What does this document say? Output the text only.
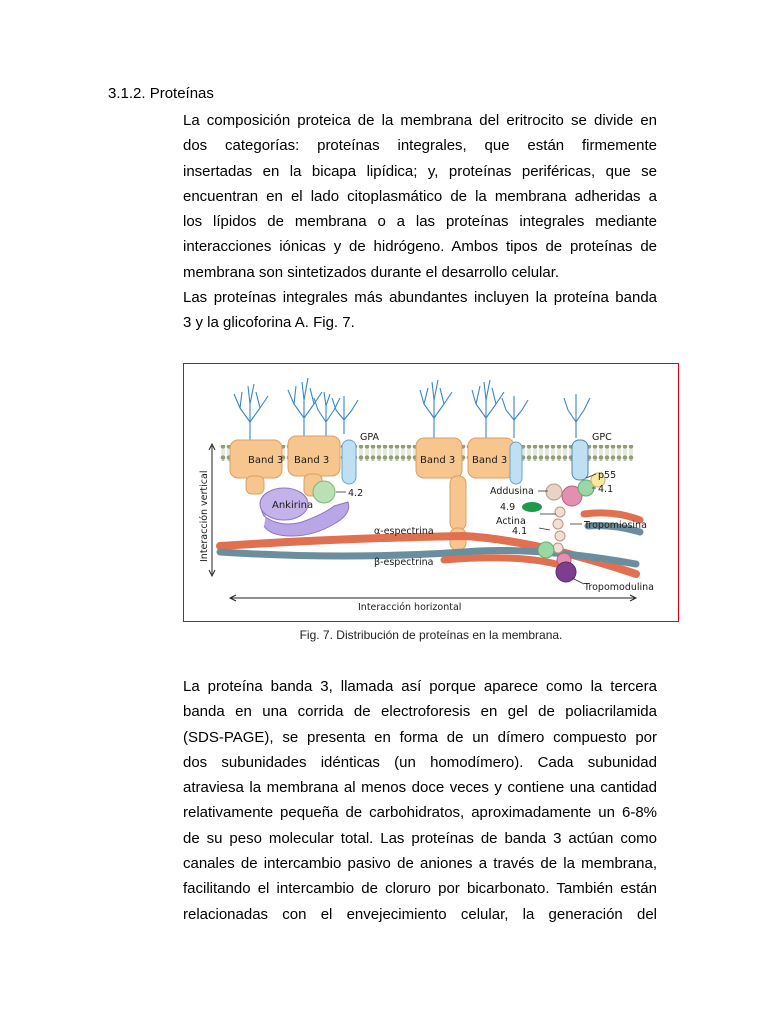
3.1.2. Proteínas
La composición proteica de la membrana del eritrocito se divide en
dos categorías: proteínas integrales, que están firmemente
insertadas en la bicapa lipídica; y, proteínas periféricas, que se
encuentran en el lado citoplasmático de la membrana adheridas a
los lípidos de membrana o a las proteínas integrales mediante
interacciones iónicas y de hidrógeno. Ambos tipos de proteínas de
membrana son sintetizados durante el desarrollo celular.
Las proteínas integrales más abundantes incluyen la proteína banda
3 y la glicoforina A. Fig. 7.
Band 3 Band 3	Band 3 Band 3
GPA	GPC
Ankirina
4.2
α-espectrina
β-espectrina
Addusina
4.9
Actina
4.1
4.1
p55
Tropomiosina
Tropomodulina
Interacción horizontal
Interacción vertical
Fig. 7. Distribución de proteínas en la membrana.
La proteína banda 3, llamada así porque aparece como la tercera
banda en una corrida de electroforesis en gel de poliacrilamida
(SDS-PAGE), se presenta en forma de un dímero compuesto por
dos subunidades idénticas (un homodímero). Cada subunidad
atraviesa la membrana al menos doce veces y contiene una cantidad
relativamente pequeña de carbohidratos, aproximadamente un 6-8%
de su peso molecular total. Las proteínas de banda 3 actúan como
canales de intercambio pasivo de aniones a través de la membrana,
facilitando el intercambio de cloruro por bicarbonato. También están
relacionadas con el envejecimiento celular, la generación del
